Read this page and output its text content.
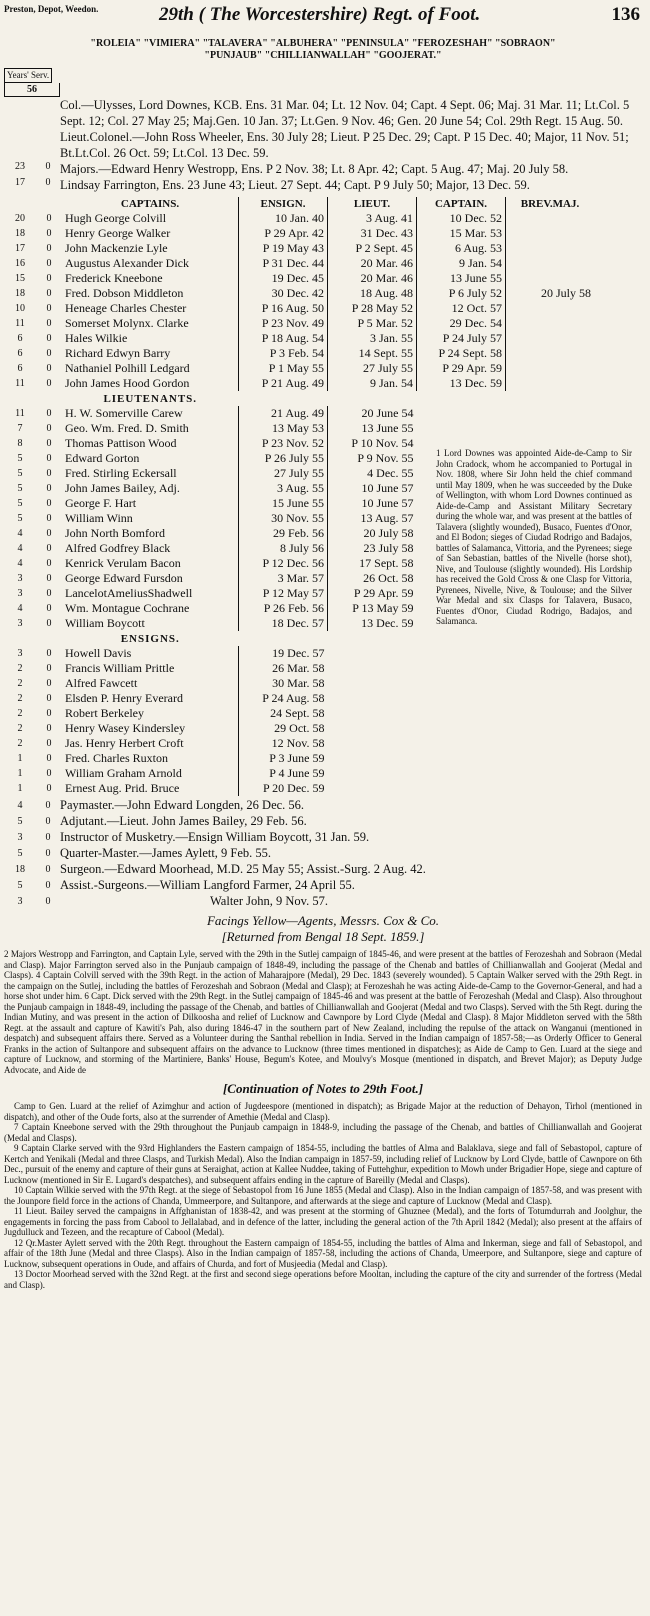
Preston, Depot, Weedon.	29th ( The Worcestershire) Regt. of Foot.	136
"ROLEIA" "VIMIERA" "TALAVERA" "ALBUHERA" "PENINSULA" "FEROZESHAH" "SOBRAON"
"PUNJAUB" "CHILLIANWALLAH" "GOOJERAT."
Years' Serv.
56
Col.—Ulysses, Lord Downes, KCB. Ens. 31 Mar. 04; Lt. 12 Nov. 04; Capt. 4 Sept. 06; Maj. 31 Mar. 11; Lt.Col. 5 Sept. 12; Col. 27 May 25; Maj.Gen. 10 Jan. 37; Lt.Gen. 9 Nov. 46; Gen. 20 June 54; Col. 29th Regt. 15 Aug. 50.
Lieut.Colonel.—John Ross Wheeler, Ens. 30 July 28; Lieut. P 25 Dec. 29; Capt. P 15 Dec. 40; Major, 11 Nov. 51; Bt.Lt.Col. 26 Oct. 59; Lt.Col. 13 Dec. 59.
23	0 Majors.—Edward Henry Westropp, Ens. P 2 Nov. 38; Lt. 8 Apr. 42; Capt. 5 Aug. 47; Maj. 20 July 58.
17	0 Lindsay Farrington, Ens. 23 June 43; Lieut. 27 Sept. 44; Capt. P 9 July 50; Major, 13 Dec. 59.
		CAPTAINS.	ENSIGN.	LIEUT.	CAPTAIN.	BREV.MAJ.
20	0	Hugh George Colvill	10 Jan. 40	3 Aug. 41	10 Dec. 52	
18	0	Henry George Walker	P 29 Apr. 42	31 Dec. 43	15 Mar. 53	
17	0	John Mackenzie Lyle	P 19 May 43	P 2 Sept. 45	6 Aug. 53	
16	0	Augustus Alexander Dick	P 31 Dec. 44	20 Mar. 46	9 Jan. 54	
15	0	Frederick Kneebone	19 Dec. 45	20 Mar. 46	13 June 55	
18	0	Fred. Dobson Middleton	30 Dec. 42	18 Aug. 48	P 6 July 52	20 July 58
10	0	Heneage Charles Chester	P 16 Aug. 50	P 28 May 52	12 Oct. 57	
11	0	Somerset Molynx. Clarke	P 23 Nov. 49	P 5 Mar. 52	29 Dec. 54	
6	0	Hales Wilkie	P 18 Aug. 54	3 Jan. 55	P 24 July 57	
6	0	Richard Edwyn Barry	P 3 Feb. 54	14 Sept. 55	P 24 Sept. 58	
6	0	Nathaniel Polhill Ledgard	P 1 May 55	27 July 55	P 29 Apr. 59	
11	0	John James Hood Gordon	P 21 Aug. 49	9 Jan. 54	13 Dec. 59	
		LIEUTENANTS.				
11	0	H. W. Somerville Carew	21 Aug. 49	20 June 54		
7	0	Geo. Wm. Fred. D. Smith	13 May 53	13 June 55		
8	0	Thomas Pattison Wood	P 23 Nov. 52	P 10 Nov. 54		
5	0	Edward Gorton	P 26 July 55	P 9 Nov. 55		
5	0	Fred. Stirling Eckersall	27 July 55	4 Dec. 55		
5	0	John James Bailey, Adj.	3 Aug. 55	10 June 57		
5	0	George F. Hart	15 June 55	10 June 57		
5	0	William Winn	30 Nov. 55	13 Aug. 57		
4	0	John North Bomford	29 Feb. 56	20 July 58		
4	0	Alfred Godfrey Black	8 July 56	23 July 58		
4	0	Kenrick Verulam Bacon	P 12 Dec. 56	17 Sept. 58		
3	0	George Edward Fursdon	3 Mar. 57	26 Oct. 58		
3	0	LancelotAmeliusShadwell	P 12 May 57	P 29 Apr. 59		
4	0	Wm. Montague Cochrane	P 26 Feb. 56	P 13 May 59		
3	0	William Boycott	18 Dec. 57	13 Dec. 59		
		ENSIGNS.				
3	0	Howell Davis	19 Dec. 57			
2	0	Francis William Prittle	26 Mar. 58			
2	0	Alfred Fawcett	30 Mar. 58			
2	0	Elsden P. Henry Everard	P 24 Aug. 58			
2	0	Robert Berkeley	24 Sept. 58			
2	0	Henry Wasey Kindersley	29 Oct. 58			
2	0	Jas. Henry Herbert Croft	12 Nov. 58			
1	0	Fred. Charles Ruxton	P 3 June 59			
1	0	William Graham Arnold	P 4 June 59			
1	0	Ernest Aug. Prid. Bruce	P 20 Dec. 59			
1 Lord Downes was appointed Aide-de-Camp to Sir John Cradock, whom he accompanied to Portugal in Nov. 1808, where Sir John held the chief command until May 1809, when he was succeeded by the Duke of Wellington, with whom Lord Downes continued as Aide-de-Camp and Assistant Military Secretary during the whole war, and was present at the battles of Talavera (slightly wounded), Busaco, Fuentes d'Onor, and El Bodon; sieges of Ciudad Rodrigo and Badajos, battles of Salamanca, Vittoria, and the Pyrenees; siege of San Sebastian, battles of the Nivelle (horse shot), Nive, and Toulouse (slightly wounded). His Lordship has received the Gold Cross & one Clasp for Vittoria, Pyrenees, Nivelle, Nive, & Toulouse; and the Silver War Medal and six Clasps for Talavera, Busaco, Fuentes d'Onor, Ciudad Rodrigo, Badajos, and Salamanca.
4	0 Paymaster.—John Edward Longden, 26 Dec. 56.
5	0 Adjutant.—Lieut. John James Bailey, 29 Feb. 56.
3	0 Instructor of Musketry.—Ensign William Boycott, 31 Jan. 59.
5	0 Quarter-Master.—James Aylett, 9 Feb. 55.
18	0 Surgeon.—Edward Moorhead, M.D. 25 May 55; Assist.-Surg. 2 Aug. 42.
5	0 Assist.-Surgeons.—William Langford Farmer, 24 April 55.
3	0	Walter John, 9 Nov. 57.
Facings Yellow—Agents, Messrs. Cox & Co.
[Returned from Bengal 18 Sept. 1859.]
2 Majors Westropp and Farrington, and Captain Lyle, served with the 29th in the Sutlej campaign of 1845-46, and were present at the battles of Ferozeshah and Sobraon (Medal and Clasp). Major Farrington served also in the Punjaub campaign of 1848-49, including the passage of the Chenab and battles of Chillianwallah and Goojerat (Medal and Clasps). 4 Captain Colvill served with the 39th Regt. in the action of Maharajpore (Medal), 29 Dec. 1843 (severely wounded). 5 Captain Walker served with the 29th Regt. in the campaign on the Sutlej, including the battles of Ferozeshah and Sobraon (Medal and Clasp); at Ferozeshah he was acting Aide-de-Camp to the Governor-General, and had a horse shot under him. 6 Capt. Dick served with the 29th Regt. in the Sutlej campaign of 1845-46 and was present at the battle of Ferozeshah (Medal and Clasp). Also throughout the Punjaub campaign in 1848-49, including the passage of the Chenab, and battles of Chillianwallah and Goojerat (Medal and two Clasps). Served with the 5th Regt. during the Indian Mutiny, and was present in the action of Dilkoosha and relief of Lucknow and Cawnpore by Lord Clyde (Medal and Clasp). 8 Major Middleton served with the 58th Regt. at the assault and capture of Kawiti's Pah, also during 1846-47 in the southern part of New Zealand, including the repulse of the attack on Wanganui (mentioned in despatch) and subsequent affairs there. Served as a Volunteer during the Santhal rebellion in India. Served in the Indian campaign of 1857-58;—as Orderly Officer to General Franks in the action of Sultanpore and subsequent affairs on the advance to Lucknow (three times mentioned in dispatches); as Aide de Camp to Gen. Luard at the siege and capture of Lucknow, and storming of the Martiniere, Banks' House, Begum's Kotee, and Moulvy's Mosque (mentioned in dispatch, and Brevet Major); as Deputy Judge Advocate, and Aide de
[Continuation of Notes to 29th Foot.]
Camp to Gen. Luard at the relief of Azimghur and action of Jugdeespore (mentioned in dispatch); as Brigade Major at the reduction of Dehayon, Tirhol (mentioned in dispatch), and other of the Oude forts, also at the surrender of Amethie (Medal and Clasp).
7 Captain Kneebone served with the 29th throughout the Punjaub campaign in 1848-9, including the passage of the Chenab, and battles of Chillianwallah and Goojerat (Medal and Clasps).
9 Captain Clarke served with the 93rd Highlanders the Eastern campaign of 1854-55, including the battles of Alma and Balaklava, siege and fall of Sebastopol, capture of Kertch and Yenikali (Medal and three Clasps, and Turkish Medal). Also the Indian campaign in 1857-59, including relief of Lucknow by Lord Clyde, battle of Cawnpore on 6th Dec., pursuit of the enemy and capture of their guns at Seraighat, action at Kallee Nuddee, taking of Futtehghur, expedition to Mowh under Brigadier Hope, siege and capture of Lucknow (mentioned in Sir E. Lugard's despatches), and subsequent affairs ending in the capture of Bareilly (Medal and Clasps).
10 Captain Wilkie served with the 97th Regt. at the siege of Sebastopol from 16 June 1855 (Medal and Clasp). Also in the Indian campaign of 1857-58, and was present with the Jounpore field force in the actions of Chanda, Ummeerpore, and Sultanpore, and afterwards at the siege and capture of Lucknow (Medal and Clasp).
11 Lieut. Bailey served the campaigns in Affghanistan of 1838-42, and was present at the storming of Ghuznee (Medal), and the forts of Totumdurrah and Joolghur, the engagements in forcing the pass from Cabool to Jellalabad, and in defence of the latter, including the general action of the 7th April 1842 (Medal); also present at the affairs of Jugdulluck and Tezeen, and the recapture of Cabool (Medal).
12 Qr.Master Aylett served with the 20th Regt. throughout the Eastern campaign of 1854-55, including the battles of Alma and Inkerman, siege and fall of Sebastopol, and affair of the 18th June (Medal and three Clasps). Also in the Indian campaign of 1857-58, including the actions of Chanda, Umeerpore, and Sultanpore, siege and capture of Lucknow, subsequent operations in Oude, and affairs of Churda, and fort of Musjeedia (Medal and Clasp).
13 Doctor Moorhead served with the 32nd Regt. at the first and second siege operations before Mooltan, including the capture of the city and surrender of the fortress (Medal and Clasp).
